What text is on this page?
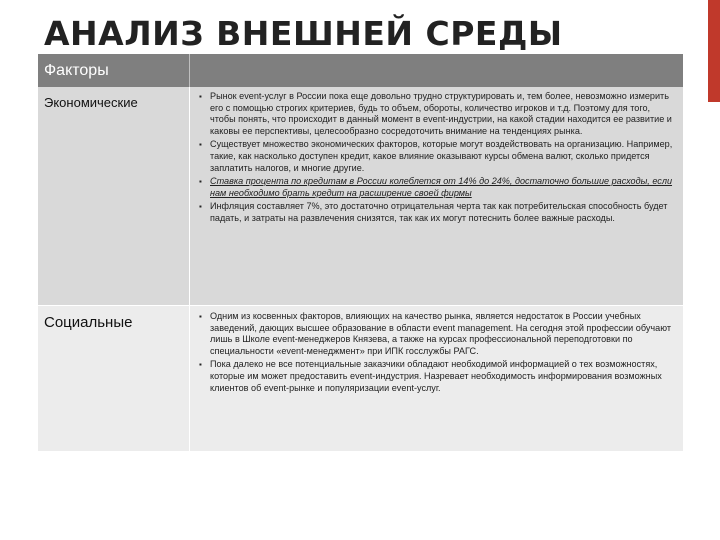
АНАЛИЗ ВНЕШНЕЙ СРЕДЫ
Факторы
Экономические	▪ Рынок event-услуг в России пока еще довольно трудно структурировать и, тем более, невозможно измерить его с помощью строгих критериев, будь то объем, обороты, количество игроков и т.д. Поэтому для того, чтобы понять, что происходит в данный момент в event-индустрии, на какой стадии находится ее развитие и каковы ее перспективы, целесообразно сосредоточить внимание на тенденциях рынка.
▪ Существует множество экономических факторов, которые могут воздействовать на организацию. Например, такие, как насколько доступен кредит, какое влияние оказывают курсы обмена валют, сколько придется заплатить налогов, и многие другие.
▪ Ставка процента по кредитам в России колеблется от 14% до 24%, достаточно большие расходы, если нам необходимо брать кредит на расширение своей фирмы
▪ Инфляция составляет 7%, это достаточно отрицательная черта так как потребительская способность будет падать, и затраты на развлечения снизятся, так как их могут потеснить более важные расходы.
Социальные	▪ Одним из косвенных факторов, влияющих на качество рынка, является недостаток в России учебных заведений, дающих высшее образование в области event management. На сегодня этой профессии обучают лишь в Школе event-менеджеров Князева, а также на курсах профессиональной переподготовки по специальности «event-менеджмент» при ИПК госслужбы РАГС.
▪ Пока далеко не все потенциальные заказчики обладают необходимой информацией о тех возможностях, которые им может предоставить event-индустрия. Назревает необходимость информирования возможных клиентов об event-рынке и популяризации event-услуг.
